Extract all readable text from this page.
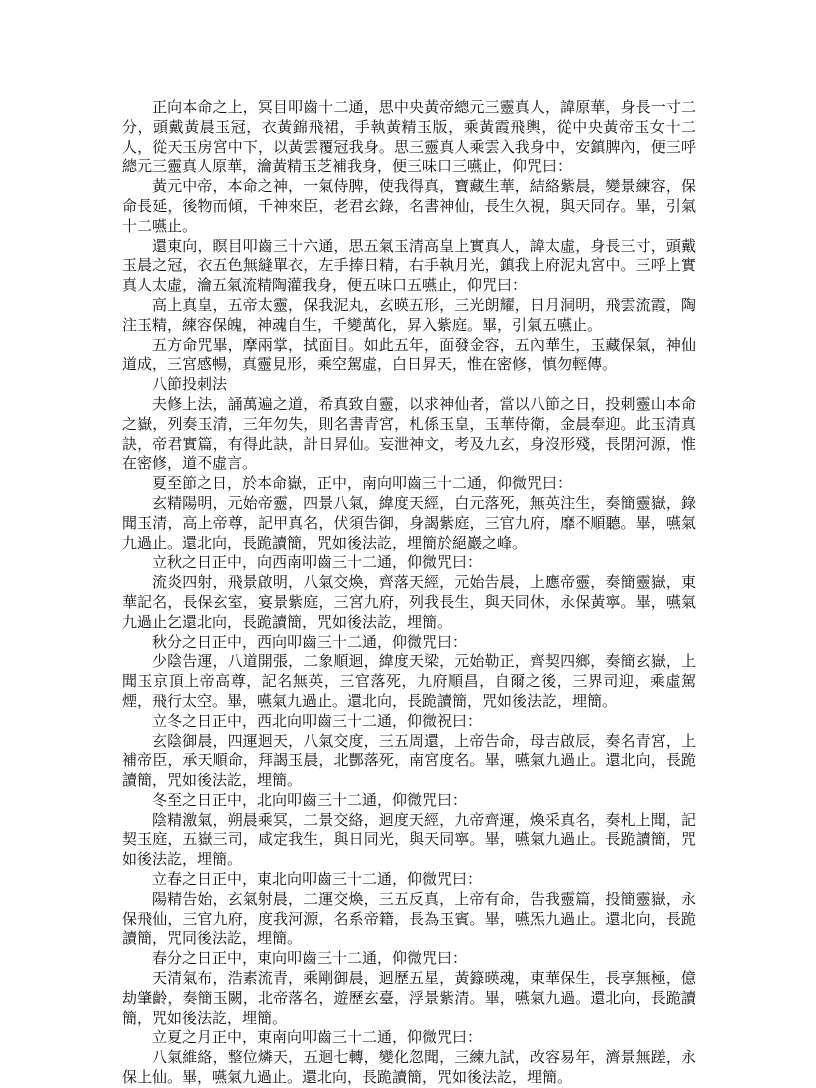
正向本命之上，冥目叩齒十二通，思中央黃帝總元三靈真人，諱原華，身長一寸二分，頭戴黃晨玉冠，衣黃錦飛裙，手執黃精玉版，乘黃霞飛輿，從中央黃帝玉女十二人，從天玉房宮中下，以黃雲覆冠我身。思三靈真人乘雲入我身中，安鎮脾內，便三呼總元三靈真人原華，瀹黃精玉芝補我身，便三味口三嚥止，仰咒曰：

黃元中帝，本命之神，一氣侍脾，使我得真，寶藏生華，結絡紫晨，變景練容，保命長延，後物而傾，千神來臣，老君玄錄，名書神仙，長生久視，與天同存。畢，引氣十二嚥止。

還東向，瞑目叩齒三十六通，思五氣玉清高皇上實真人，諱太虛，身長三寸，頭戴玉晨之冠，衣五色無縫單衣，左手捧日精，右手執月光，鎮我上府泥丸宮中。三呼上實真人太虛，瀹五氣流精陶灌我身，便五味口五嚥止，仰咒曰：

高上真皇，五帝太靈，保我泥丸，玄暎五形，三光朗耀，日月洞明，飛雲流霞，陶注玉精，練容保魄，神魂自生，千變萬化，昇入紫庭。畢，引氣五嚥止。

五方命咒畢，摩兩掌，拭面目。如此五年，面發金容，五內華生，玉藏保氣，神仙道成，三宮感暢，真靈見形，乘空駕虛，白日昇天，惟在密修，慎勿輕傳。

八節投刺法

夫修上法，誦萬遍之道，希真致自靈，以求神仙者，當以八節之日，投刺靈山本命之嶽，列奏玉清，三年勿失，則名書青宮，札係玉皇，玉華侍衛，金晨奉迎。此玉清真訣，帝君實篇，有得此訣，計日昇仙。妄泄神文，考及九玄，身沒形殘，長閉河源，惟在密修，道不虛言。

夏至節之日，於本命嶽，正中，南向叩齒三十二通，仰微咒曰：

玄精陽明，元始帝靈，四景八氣，緯度天經，白元落死，無英注生，奏簡靈嶽，錄聞玉清，高上帝尊，記甲真名，伏須告御，身謁紫庭，三官九府，靡不順聽。畢，嚥氣九過止。還北向，長跪讀簡，咒如後法訖，埋簡於絕巖之峰。

立秋之日正中，向西南叩齒三十二通，仰微咒曰：

流炎四射，飛景啟明，八氣交煥，齊落天經，元始告晨，上應帝靈，奏簡靈嶽，東華記名，長保玄室，宴景紫庭，三宮九府，列我長生，與天同休，永保黃寧。畢，嚥氣九過止乞還北向，長跪讀簡，咒如後法訖，埋簡。

秋分之日正中，西向叩齒三十二通，仰微咒曰：

少陰告運，八道開張，二象順迴，緯度天梁，元始勒正，齊契四鄉，奏簡玄嶽，上聞玉京頂上帝高尊，記名無英，三官落死，九府順昌，自爾之後，三界司迎，乘虛駕煙，飛行太空。畢，嚥氣九過止。還北向，長跪讀簡，咒如後法訖，埋簡。

立冬之日正中，西北向叩齒三十二通，仰微祝曰：

玄陰御晨，四運迴天，八氣交度，三五周還，上帝告命，母吉啟辰，奏名青宮，上補帝臣，承天順命，拜謁玉晨，北酆落死，南宮度名。畢，嚥氣九過止。還北向，長跪讀簡，咒如後法訖，埋簡。

冬至之日正中，北向叩齒三十二通，仰微咒曰：

陰精激氣，朔晨乘冥，二景交絡，迴度天經，九帝齊運，煥采真名，奏札上聞，記契玉庭，五嶽三司，咸定我生，與日同光，與天同寧。畢，嚥氣九過止。長跪讀簡，咒如後法訖，埋簡。

立春之日正中，東北向叩齒三十二通，仰微咒曰：

陽精告始，玄氣射晨，二運交煥，三五反真，上帝有命，告我靈篇，投簡靈嶽，永保飛仙，三官九府，度我河源，名系帝籍，長為玉賓。畢，嚥炁九過止。還北向，長跪讀簡，咒同後法訖，埋簡。

春分之日正中，東向叩齒三十二通，仰微咒曰：

天清氣布，浩素流青，乘剛御晨，迴歷五星，黃籙暎魂，東華保生，長享無極，億劫肇齡，奏簡玉闕，北帝落名，遊歷玄臺，浮景紫清。畢，嚥氣九過。還北向，長跪讀簡，咒如後法訖，埋簡。

立夏之月正中，東南向叩齒三十二通，仰微咒曰：

八氣維絡，整位燐天，五迴七轉，變化忽聞，三練九試，改容易年，濟景無蹉，永保上仙。畢，嚥氣九過止。還北向，長跪讀簡，咒如後法訖，埋簡。
